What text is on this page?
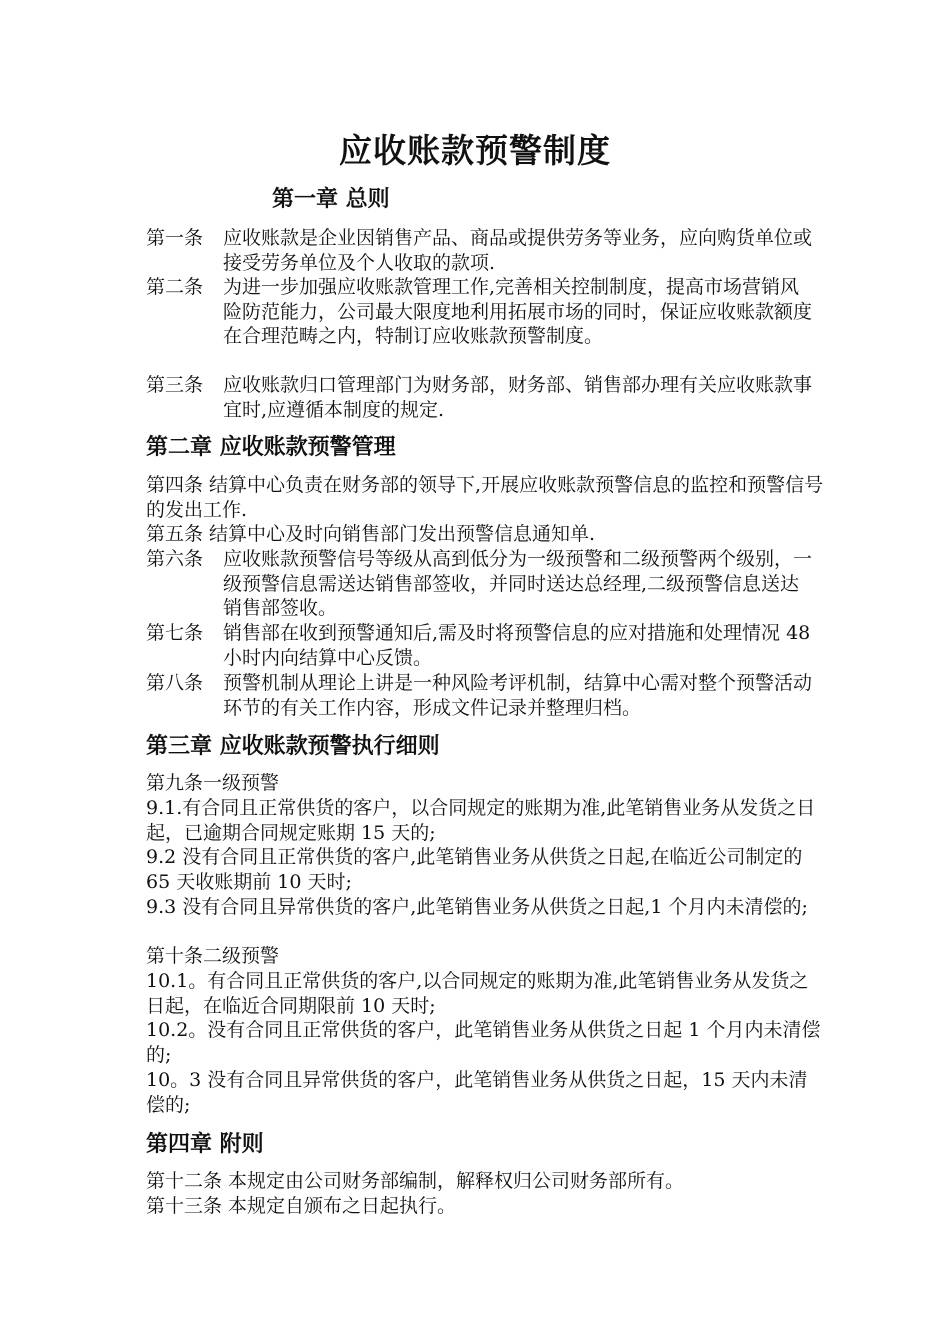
应收账款预警制度
第一章 总则
第一条 应收账款是企业因销售产品、商品或提供劳务等业务，应向购货单位或接受劳务单位及个人收取的款项.
第二条 为进一步加强应收账款管理工作,完善相关控制制度，提高市场营销风险防范能力，公司最大限度地利用拓展市场的同时，保证应收账款额度在合理范畴之内，特制订应收账款预警制度。
第三条 应收账款归口管理部门为财务部，财务部、销售部办理有关应收账款事宜时,应遵循本制度的规定.
第二章 应收账款预警管理
第四条 结算中心负责在财务部的领导下,开展应收账款预警信息的监控和预警信号的发出工作.
第五条 结算中心及时向销售部门发出预警信息通知单.
第六条 应收账款预警信号等级从高到低分为一级预警和二级预警两个级别，一级预警信息需送达销售部签收，并同时送达总经理,二级预警信息送达销售部签收。
第七条 销售部在收到预警通知后,需及时将预警信息的应对措施和处理情况 48 小时内向结算中心反馈。
第八条 预警机制从理论上讲是一种风险考评机制，结算中心需对整个预警活动环节的有关工作内容，形成文件记录并整理归档。
第三章 应收账款预警执行细则
第九条一级预警
9.1.有合同且正常供货的客户，以合同规定的账期为准,此笔销售业务从发货之日起，已逾期合同规定账期 15 天的;
9.2 没有合同且正常供货的客户,此笔销售业务从供货之日起,在临近公司制定的 65 天收账期前 10 天时;
9.3 没有合同且异常供货的客户,此笔销售业务从供货之日起,1 个月内未清偿的;
第十条二级预警
10.1。有合同且正常供货的客户,以合同规定的账期为准,此笔销售业务从发货之日起，在临近合同期限前 10 天时;
10.2。没有合同且正常供货的客户，此笔销售业务从供货之日起 1 个月内未清偿的;
10。3 没有合同且异常供货的客户，此笔销售业务从供货之日起，15 天内未清偿的;
第四章 附则
第十二条 本规定由公司财务部编制，解释权归公司财务部所有。
第十三条 本规定自颁布之日起执行。
